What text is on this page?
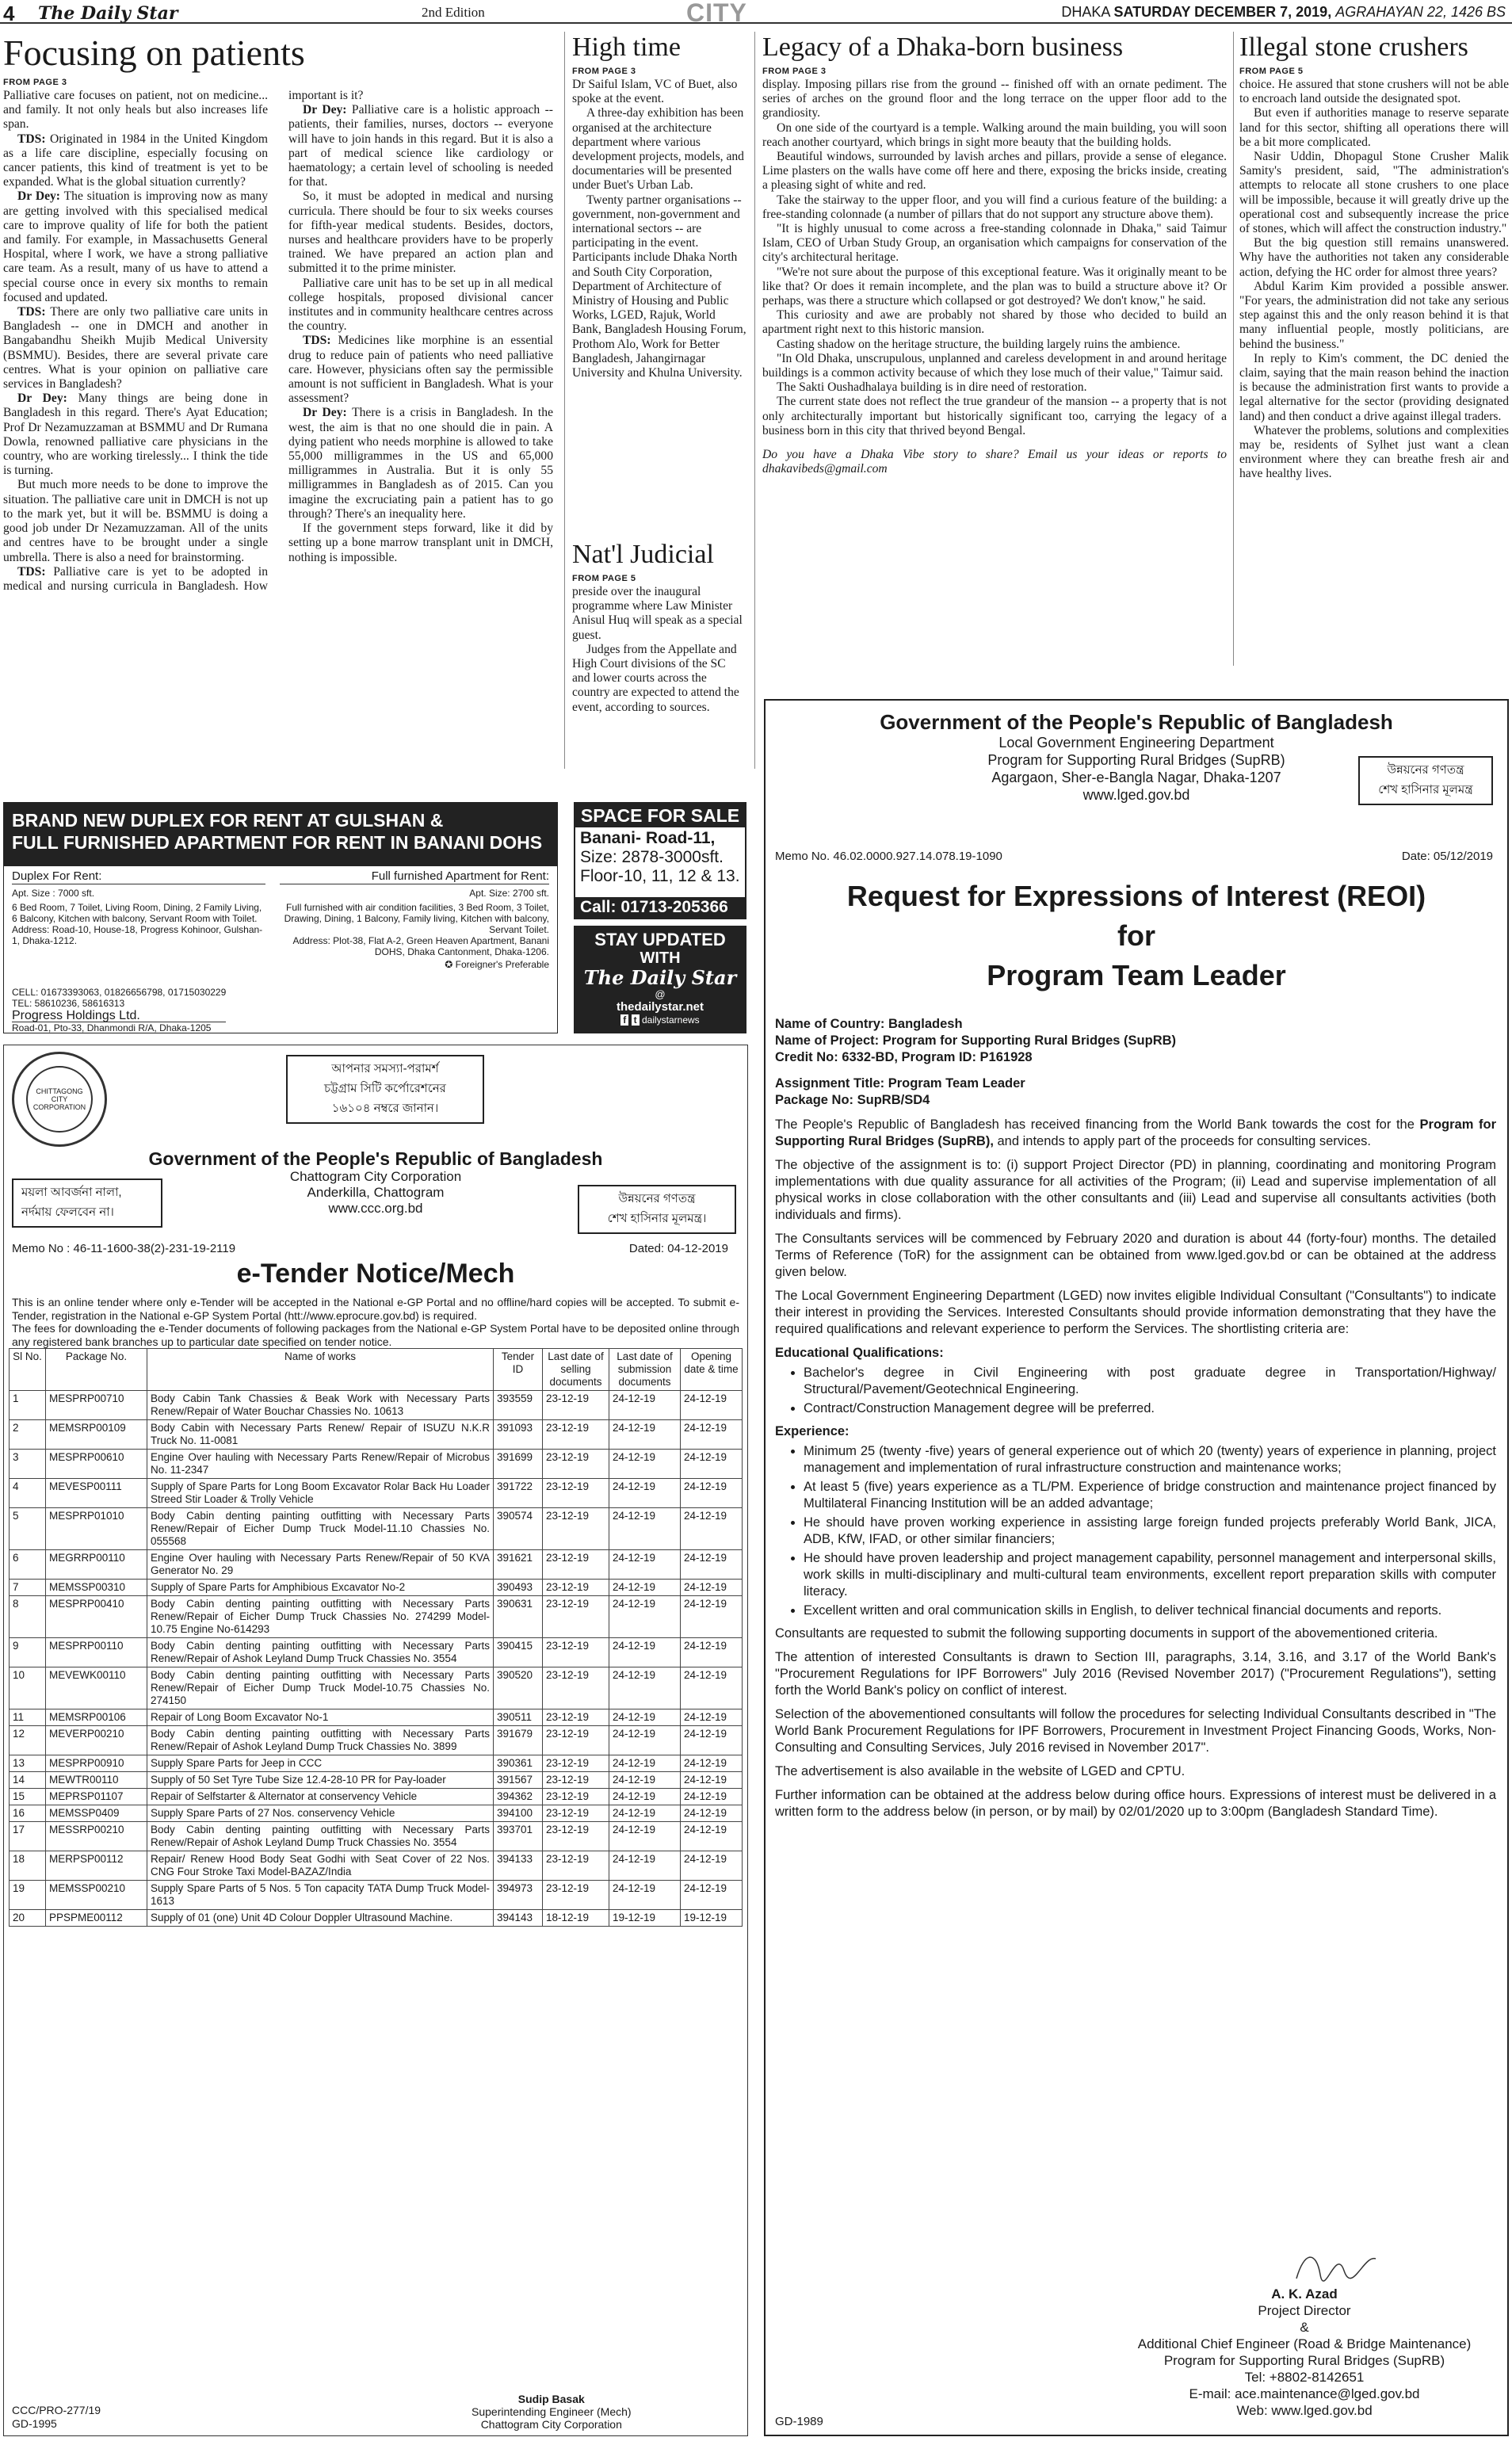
4 The Daily Star	2nd Edition	CITY	DHAKA SATURDAY DECEMBER 7, 2019, AGRAHAYAN 22, 1426 BS
Focusing on patients
FROM PAGE 3

Palliative care focuses on patient, not on medicine... and family. It not only heals but also increases life span.

TDS: Originated in 1984 in the United Kingdom as a life care discipline, especially focusing on cancer patients, this kind of treatment is yet to be expanded. What is the global situation currently?

Dr Dey: The situation is improving now as many are getting involved with this specialised medical care to improve quality of life for both the patient and family. For example, in Massachusetts General Hospital, where I work, we have a strong palliative care team. As a result, many of us have to attend a special course once in every six months to remain focused and updated.

TDS: There are only two palliative care units in Bangladesh -- one in DMCH and another in Bangabandhu Sheikh Mujib Medical University (BSMMU). Besides, there are several private care centres. What is your opinion on palliative care services in Bangladesh?

Dr Dey: Many things are being done in Bangladesh in this regard. There's Ayat Education; Prof Dr Nezamuzzaman at BSMMU and Dr Rumana Dowla, renowned palliative care physicians in the country, who are working tirelessly... I think the tide is turning.

But much more needs to be done to improve the situation. The palliative care unit in DMCH is not up to the mark yet, but it will be. BSMMU is doing a good job under Dr Nezamuzzaman. All of the units and centres have to be brought under a single umbrella. There is also a need for brainstorming.

TDS: Palliative care is yet to be adopted in medical and nursing curricula in Bangladesh. How important is it?

Dr Dey: Palliative care is a holistic approach -- patients, their families, nurses, doctors -- everyone will have to join hands in this regard. But it is also a part of medical science like cardiology or haematology; a certain level of schooling is needed for that.

So, it must be adopted in medical and nursing curricula. There should be four to six weeks courses for fifth-year medical students. Besides, doctors, nurses and healthcare providers have to be properly trained. We have prepared an action plan and submitted it to the prime minister.

Palliative care unit has to be set up in all medical college hospitals, proposed divisional cancer institutes and in community healthcare centres across the country.

TDS: Medicines like morphine is an essential drug to reduce pain of patients who need palliative care. However, physicians often say the permissible amount is not sufficient in Bangladesh. What is your assessment?

Dr Dey: There is a crisis in Bangladesh. In the west, the aim is that no one should die in pain. A dying patient who needs morphine is allowed to take 55,000 milligrammes in the US and 65,000 milligrammes in Australia. But it is only 55 milligrammes in Bangladesh as of 2015. Can you imagine the excruciating pain a patient has to go through? There's an inequality here.

If the government steps forward, like it did by setting up a bone marrow transplant unit in DMCH, nothing is impossible.

High time
FROM PAGE 3

Dr Saiful Islam, VC of Buet, also spoke at the event.

A three-day exhibition has been organised at the architecture department where various development projects, models, and documentaries will be presented under Buet's Urban Lab.

Twenty partner organisations -- government, non-government and international sectors -- are participating in the event. Participants include Dhaka North and South City Corporation, Department of Architecture of Ministry of Housing and Public Works, LGED, Rajuk, World Bank, Bangladesh Housing Forum, Prothom Alo, Work for Better Bangladesh, Jahangirnagar University and Khulna University.

Nat'l Judicial
FROM PAGE 5

preside over the inaugural programme where Law Minister Anisul Huq will speak as a special guest.

Judges from the Appellate and High Court divisions of the SC and lower courts across the country are expected to attend the event, according to sources.

Legacy of a Dhaka-born business
FROM PAGE 3

display. Imposing pillars rise from the ground -- finished off with an ornate pediment. The series of arches on the ground floor and the long terrace on the upper floor add to the grandiosity.

On one side of the courtyard is a temple. Walking around the main building, you will soon reach another courtyard, which brings in sight more beauty that the building holds.

Beautiful windows, surrounded by lavish arches and pillars, provide a sense of elegance. Lime plasters on the walls have come off here and there, exposing the bricks inside, creating a pleasing sight of white and red.

Take the stairway to the upper floor, and you will find a curious feature of the building: a free-standing colonnade (a number of pillars that do not support any structure above them).

"It is highly unusual to come across a free-standing colonnade in Dhaka," said Taimur Islam, CEO of Urban Study Group, an organisation which campaigns for conservation of the city's architectural heritage.

"We're not sure about the purpose of this exceptional feature. Was it originally meant to be like that? Or does it remain incomplete, and the plan was to build a structure above it? Or perhaps, was there a structure which collapsed or got destroyed? We don't know," he said.

This curiosity and awe are probably not shared by those who decided to build an apartment right next to this historic mansion.

Casting shadow on the heritage structure, the building largely ruins the ambience.

"In Old Dhaka, unscrupulous, unplanned and careless development in and around heritage buildings is a common activity because of which they lose much of their value," Taimur said.

The Sakti Oushadhalaya building is in dire need of restoration.

The current state does not reflect the true grandeur of the mansion -- a property that is not only architecturally important but historically significant too, carrying the legacy of a business born in this city that thrived beyond Bengal.

Do you have a Dhaka Vibe story to share? Email us your ideas or reports to dhakavibeds@gmail.com
Illegal stone crushers
FROM PAGE 5

choice. He assured that stone crushers will not be able to encroach land outside the designated spot.

But even if authorities manage to reserve separate land for this sector, shifting all operations there will be a bit more complicated.

Nasir Uddin, Dhopagul Stone Crusher Malik Samity's president, said, "The administration's attempts to relocate all stone crushers to one place will be impossible, because it will greatly drive up the operational cost and subsequently increase the price of stones, which will affect the construction industry."

But the big question still remains unanswered. Why have the authorities not taken any considerable action, defying the HC order for almost three years?

Abdul Karim Kim provided a possible answer. "For years, the administration did not take any serious step against this and the only reason behind it is that many influential people, mostly politicians, are behind the business."

In reply to Kim's comment, the DC denied the claim, saying that the main reason behind the inaction is because the administration first wants to provide a legal alternative for the sector (providing designated land) and then conduct a drive against illegal traders.

Whatever the problems, solutions and complexities may be, residents of Sylhet just want a clean environment where they can breathe fresh air and have healthy lives.

BRAND NEW DUPLEX FOR RENT AT GULSHAN &
FULL FURNISHED APARTMENT FOR RENT IN BANANI DOHS
Duplex For Rent:
Apt. Size : 7000 sft.
6 Bed Room, 7 Toilet, Living Room, Dining, 2 Family Living, 6 Balcony, Kitchen with balcony, Servant Room with Toilet.
Address: Road-10, House-18, Progress Kohinoor, Gulshan-1, Dhaka-1212.
Full furnished Apartment for Rent:
Apt. Size: 2700 sft.
Full furnished with air condition facilities, 3 Bed Room, 3 Toilet, Drawing, Dining, 1 Balcony, Family living, Kitchen with balcony, Servant Toilet.
Address: Plot-38, Flat A-2, Green Heaven Apartment, Banani DOHS, Dhaka Cantonment, Dhaka-1206.
✪ Foreigner's Preferable
CELL: 01673393063, 01826656798, 01715030229
TEL: 58610236, 58616313
Progress Holdings Ltd.
Road-01, Pto-33, Dhanmondi R/A, Dhaka-1205
SPACE FOR SALE
Banani- Road-11,
Size: 2878-3000sft.
Floor-10, 11, 12 & 13.
Call: 01713-205366
STAY UPDATED
WITH
The Daily Star
@
thedailystar.net
f t dailystarnews
CHITTAGONG CITY CORPORATION
আপনার সমস্যা-পরামর্শ
চট্টগ্রাম সিটি কর্পোরেশনের
১৬১০৪ নম্বরে জানান।
Government of the People's Republic of Bangladesh
Chattogram City Corporation
Anderkilla, Chattogram
www.ccc.org.bd
ময়লা আবর্জনা নালা,
নর্দমায় ফেলবেন না।
উন্নয়নের গণতন্ত্র
শেখ হাসিনার মূলমন্ত্র।
Memo No : 46-11-1600-38(2)-231-19-2119	Dated: 04-12-2019
e-Tender Notice/Mech
This is an online tender where only e-Tender will be accepted in the National e-GP Portal and no offline/hard copies will be accepted. To submit e-Tender, registration in the National e-GP System Portal (htt://www.eprocure.gov.bd) is required.
The fees for downloading the e-Tender documents of following packages from the National e-GP System Portal have to be deposited online through any registered bank branches up to particular date specified on tender notice.
Sl No.	Package No.	Name of works	Tender ID	Last date of selling documents	Last date of submission documents	Opening date & time
1	MESPRP00710	Body Cabin Tank Chassies & Beak Work with Necessary Parts Renew/Repair of Water Bouchar Chassies No. 10613	393559	23-12-19	24-12-19	24-12-19
2	MEMSRP00109	Body Cabin with Necessary Parts Renew/ Repair of ISUZU N.K.R Truck No. 11-0081	391093	23-12-19	24-12-19	24-12-19
3	MESPRP00610	Engine Over hauling with Necessary Parts Renew/Repair of Microbus No. 11-2347	391699	23-12-19	24-12-19	24-12-19
4	MEVESP00111	Supply of Spare Parts for Long Boom Excavator Rolar Back Hu Loader Streed Stir Loader & Trolly Vehicle	391722	23-12-19	24-12-19	24-12-19
5	MESPRP01010	Body Cabin denting painting outfitting with Necessary Parts Renew/Repair of Eicher Dump Truck Model-11.10 Chassies No. 055568	390574	23-12-19	24-12-19	24-12-19
6	MEGRRP00110	Engine Over hauling with Necessary Parts Renew/Repair of 50 KVA Generator No. 29	391621	23-12-19	24-12-19	24-12-19
7	MEMSSP00310	Supply of Spare Parts for Amphibious Excavator No-2	390493	23-12-19	24-12-19	24-12-19
8	MESPRP00410	Body Cabin denting painting outfitting with Necessary Parts Renew/Repair of Eicher Dump Truck Chassies No. 274299 Model-10.75 Engine No-614293	390631	23-12-19	24-12-19	24-12-19
9	MESPRP00110	Body Cabin denting painting outfitting with Necessary Parts Renew/Repair of Ashok Leyland Dump Truck Chassies No. 3554	390415	23-12-19	24-12-19	24-12-19
10	MEVEWK00110	Body Cabin denting painting outfitting with Necessary Parts Renew/Repair of Eicher Dump Truck Model-10.75 Chassies No. 274150	390520	23-12-19	24-12-19	24-12-19
11	MEMSRP00106	Repair of Long Boom Excavator No-1	390511	23-12-19	24-12-19	24-12-19
12	MEVERP00210	Body Cabin denting painting outfitting with Necessary Parts Renew/Repair of Ashok Leyland Dump Truck Chassies No. 3899	391679	23-12-19	24-12-19	24-12-19
13	MESPRP00910	Supply Spare Parts for Jeep in CCC	390361	23-12-19	24-12-19	24-12-19
14	MEWTR00110	Supply of 50 Set Tyre Tube Size 12.4-28-10 PR for Pay-loader	391567	23-12-19	24-12-19	24-12-19
15	MEPRSP01107	Repair of Selfstarter & Alternator at conservency Vehicle	394362	23-12-19	24-12-19	24-12-19
16	MEMSSP0409	Supply Spare Parts of 27 Nos. conservency Vehicle	394100	23-12-19	24-12-19	24-12-19
17	MESSRP00210	Body Cabin denting painting outfitting with Necessary Parts Renew/Repair of Ashok Leyland Dump Truck Chassies No. 3554	393701	23-12-19	24-12-19	24-12-19
18	MERPSP00112	Repair/ Renew Hood Body Seat Godhi with Seat Cover of 22 Nos. CNG Four Stroke Taxi Model-BAZAZ/India	394133	23-12-19	24-12-19	24-12-19
19	MEMSSP00210	Supply Spare Parts of 5 Nos. 5 Ton capacity TATA Dump Truck Model-1613	394973	23-12-19	24-12-19	24-12-19
20	PPSPME00112	Supply of 01 (one) Unit 4D Colour Doppler Ultrasound Machine.	394143	18-12-19	19-12-19	19-12-19
CCC/PRO-277/19
GD-1995
Sudip Basak
Superintending Engineer (Mech)
Chattogram City Corporation
Government of the People's Republic of Bangladesh
Local Government Engineering Department
Program for Supporting Rural Bridges (SupRB)
Agargaon, Sher-e-Bangla Nagar, Dhaka-1207
www.lged.gov.bd
উন্নয়নের গণতন্ত্র
শেখ হাসিনার মূলমন্ত্র
Memo No. 46.02.0000.927.14.078.19-1090	Date: 05/12/2019
Request for Expressions of Interest (REOI)
for
Program Team Leader
Name of Country: Bangladesh
Name of Project: Program for Supporting Rural Bridges (SupRB)
Credit No: 6332-BD, Program ID: P161928
Assignment Title: Program Team Leader
Package No: SupRB/SD4

The People's Republic of Bangladesh has received financing from the World Bank towards the cost for the Program for Supporting Rural Bridges (SupRB), and intends to apply part of the proceeds for consulting services.

The objective of the assignment is to: (i) support Project Director (PD) in planning, coordinating and monitoring Program implementations with due quality assurance for all activities of the Program; (ii) Lead and supervise implementation of all physical works in close collaboration with the other consultants and (iii) Lead and supervise all consultants activities (both individuals and firms).

The Consultants services will be commenced by February 2020 and duration is about 44 (forty-four) months. The detailed Terms of Reference (ToR) for the assignment can be obtained from www.lged.gov.bd or can be obtained at the address given below.

The Local Government Engineering Department (LGED) now invites eligible Individual Consultant ("Consultants") to indicate their interest in providing the Services. Interested Consultants should provide information demonstrating that they have the required qualifications and relevant experience to perform the Services. The shortlisting criteria are:

Educational Qualifications:
• Bachelor's degree in Civil Engineering with post graduate degree in Transportation/Highway/ Structural/Pavement/Geotechnical Engineering.
• Contract/Construction Management degree will be preferred.
Experience:
• Minimum 25 (twenty -five) years of general experience out of which 20 (twenty) years of experience in planning, project management and implementation of rural infrastructure construction and maintenance works;
• At least 5 (five) years experience as a TL/PM. Experience of bridge construction and maintenance project financed by Multilateral Financing Institution will be an added advantage;
• He should have proven working experience in assisting large foreign funded projects preferably World Bank, JICA, ADB, KfW, IFAD, or other similar financiers;
• He should have proven leadership and project management capability, personnel management and interpersonal skills, work skills in multi-disciplinary and multi-cultural team environments, excellent report preparation skills with computer literacy.
• Excellent written and oral communication skills in English, to deliver technical financial documents and reports.

Consultants are requested to submit the following supporting documents in support of the abovementioned criteria.

The attention of interested Consultants is drawn to Section III, paragraphs, 3.14, 3.16, and 3.17 of the World Bank's "Procurement Regulations for IPF Borrowers" July 2016 (Revised November 2017) ("Procurement Regulations"), setting forth the World Bank's policy on conflict of interest.

Selection of the abovementioned consultants will follow the procedures for selecting Individual Consultants described in "The World Bank Procurement Regulations for IPF Borrowers, Procurement in Investment Project Financing Goods, Works, Non-Consulting and Consulting Services, July 2016 revised in November 2017".

The advertisement is also available in the website of LGED and CPTU.

Further information can be obtained at the address below during office hours. Expressions of interest must be delivered in a written form to the address below (in person, or by mail) by 02/01/2020 up to 3:00pm (Bangladesh Standard Time).

A. K. Azad
Project Director
&
Additional Chief Engineer (Road & Bridge Maintenance)
Program for Supporting Rural Bridges (SupRB)
Tel: +8802-8142651
E-mail: ace.maintenance@lged.gov.bd
Web: www.lged.gov.bd
GD-1989
